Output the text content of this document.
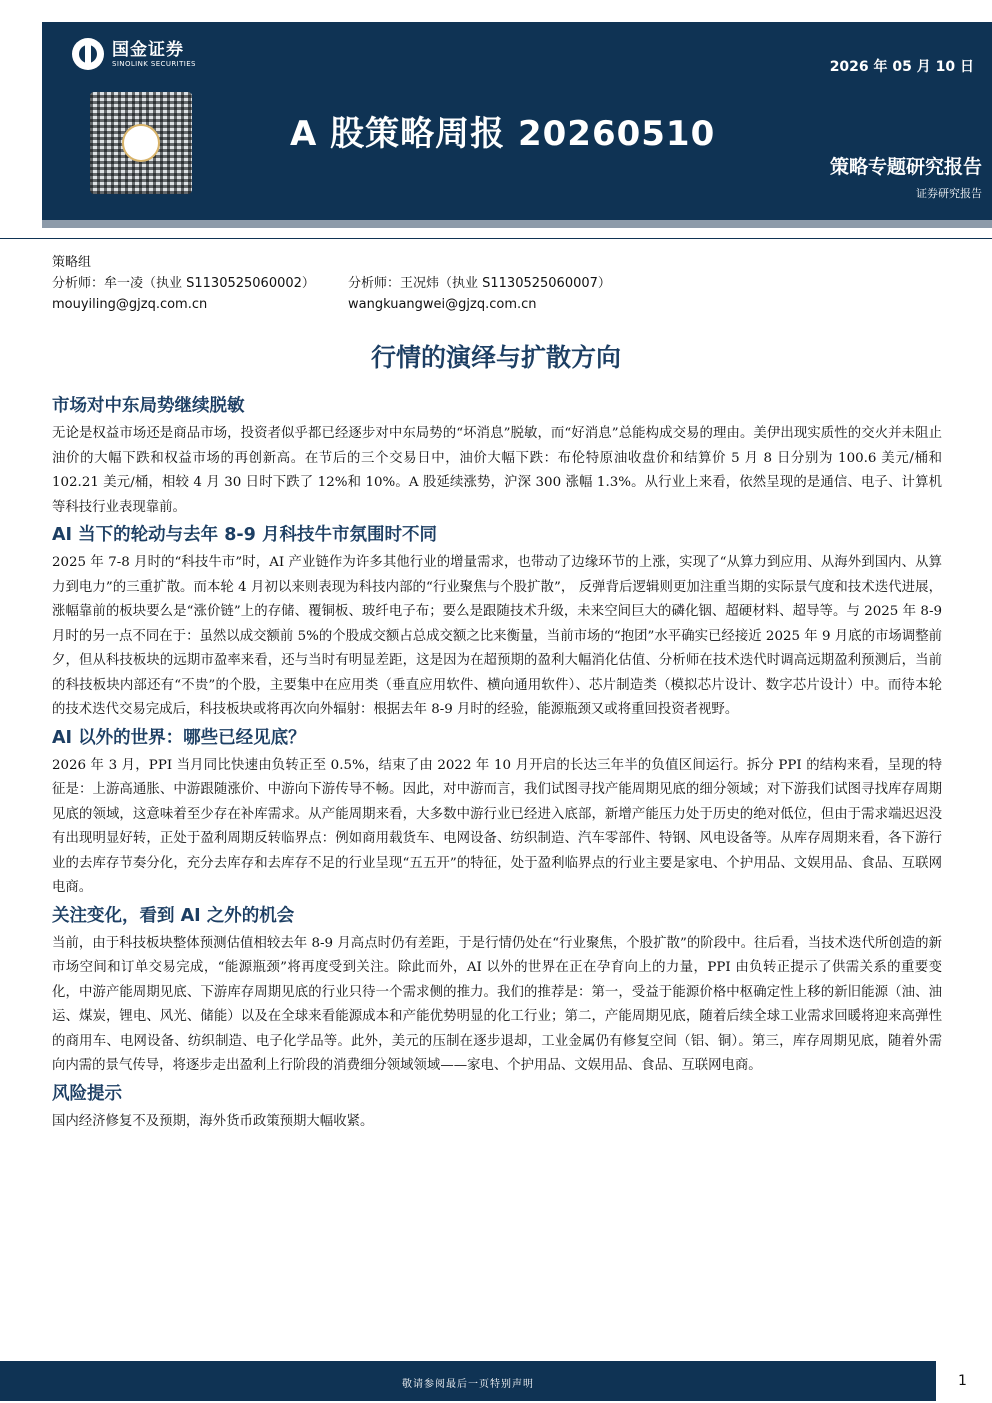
国金证券
SINOLINK SECURITIES	2026 年 05 月 10 日
A 股策略周报 20260510
策略专题研究报告
证券研究报告
策略组
分析师：牟一凌（执业 S1130525060002）
mouyiling@gjzq.com.cn
分析师：王况炜（执业 S1130525060007）
wangkuangwei@gjzq.com.cn
行情的演绎与扩散方向
市场对中东局势继续脱敏

无论是权益市场还是商品市场，投资者似乎都已经逐步对中东局势的“坏消息”脱敏，而“好消息”总能构成交易的理由。美伊出现实质性的交火并未阻止油价的大幅下跌和权益市场的再创新高。在节后的三个交易日中，油价大幅下跌：布伦特原油收盘价和结算价 5 月 8 日分别为 100.6 美元/桶和 102.21 美元/桶，相较 4 月 30 日时下跌了 12%和 10%。A 股延续涨势，沪深 300 涨幅 1.3%。从行业上来看，依然呈现的是通信、电子、计算机等科技行业表现靠前。

AI 当下的轮动与去年 8-9 月科技牛市氛围时不同

2025 年 7-8 月时的“科技牛市”时，AI 产业链作为许多其他行业的增量需求，也带动了边缘环节的上涨，实现了“从算力到应用、从海外到国内、从算力到电力”的三重扩散。而本轮 4 月初以来则表现为科技内部的“行业聚焦与个股扩散”， 反弹背后逻辑则更加注重当期的实际景气度和技术迭代进展，涨幅靠前的板块要么是“涨价链”上的存储、覆铜板、玻纤电子布；要么是跟随技术升级，未来空间巨大的磷化铟、超硬材料、超导等。与 2025 年 8-9 月时的另一点不同在于：虽然以成交额前 5%的个股成交额占总成交额之比来衡量，当前市场的“抱团”水平确实已经接近 2025 年 9 月底的市场调整前夕，但从科技板块的远期市盈率来看，还与当时有明显差距，这是因为在超预期的盈利大幅消化估值、分析师在技术迭代时调高远期盈利预测后，当前的科技板块内部还有“不贵”的个股，主要集中在应用类（垂直应用软件、横向通用软件）、芯片制造类（模拟芯片设计、数字芯片设计）中。而待本轮的技术迭代交易完成后，科技板块或将再次向外辐射：根据去年 8-9 月时的经验，能源瓶颈又或将重回投资者视野。

AI 以外的世界：哪些已经见底？

2026 年 3 月，PPI 当月同比快速由负转正至 0.5%，结束了由 2022 年 10 月开启的长达三年半的负值区间运行。拆分 PPI 的结构来看，呈现的特征是：上游高通胀、中游跟随涨价、中游向下游传导不畅。因此，对中游而言，我们试图寻找产能周期见底的细分领域；对下游我们试图寻找库存周期见底的领域，这意味着至少存在补库需求。从产能周期来看，大多数中游行业已经进入底部，新增产能压力处于历史的绝对低位，但由于需求端迟迟没有出现明显好转，正处于盈利周期反转临界点：例如商用载货车、电网设备、纺织制造、汽车零部件、特钢、风电设备等。从库存周期来看，各下游行业的去库存节奏分化，充分去库存和去库存不足的行业呈现“五五开”的特征，处于盈利临界点的行业主要是家电、个护用品、文娱用品、食品、互联网电商。

关注变化，看到 AI 之外的机会

当前，由于科技板块整体预测估值相较去年 8-9 月高点时仍有差距，于是行情仍处在“行业聚焦，个股扩散”的阶段中。往后看，当技术迭代所创造的新市场空间和订单交易完成，“能源瓶颈”将再度受到关注。除此而外，AI 以外的世界在正在孕育向上的力量，PPI 由负转正提示了供需关系的重要变化，中游产能周期见底、下游库存周期见底的行业只待一个需求侧的推力。我们的推荐是：第一，受益于能源价格中枢确定性上移的新旧能源（油、油运、煤炭，锂电、风光、储能）以及在全球来看能源成本和产能优势明显的化工行业；第二，产能周期见底，随着后续全球工业需求回暖将迎来高弹性的商用车、电网设备、纺织制造、电子化学品等。此外，美元的压制在逐步退却，工业金属仍有修复空间（铝、铜）。第三，库存周期见底，随着外需向内需的景气传导，将逐步走出盈利上行阶段的消费细分领域领域——家电、个护用品、文娱用品、食品、互联网电商。

风险提示

国内经济修复不及预期，海外货币政策预期大幅收紧。

敬请参阅最后一页特别声明	1
